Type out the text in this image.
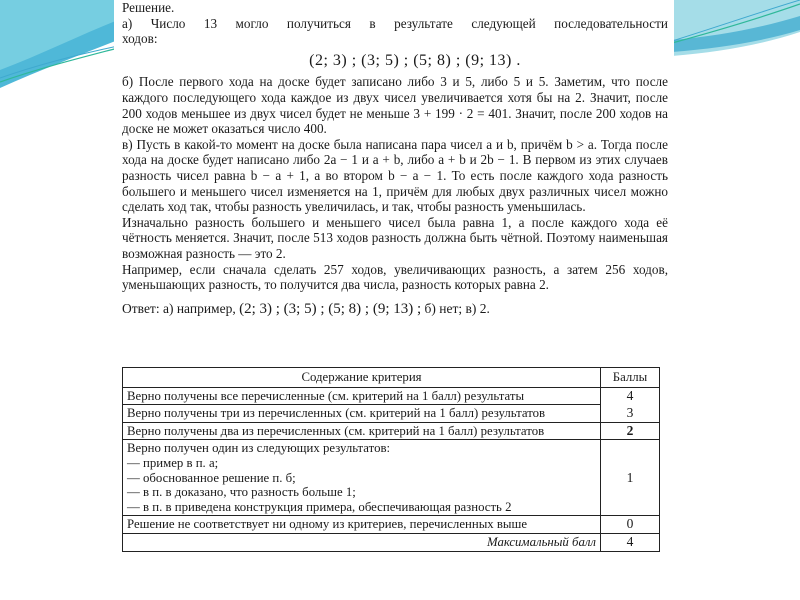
Решение.

а) Число 13 могло получиться в результате следующей последовательности

ходов:

(2; 3) ; (3; 5) ; (5; 8) ; (9; 13) .

б) После первого хода на доске будет записано либо 3 и 5, либо 5 и 5. Заметим, что после каждого последующего хода каждое из двух чисел увеличивается хотя бы на 2. Значит, после 200 ходов меньшее из двух чисел будет не меньше 3 + 199 · 2 = 401. Значит, после 200 ходов на доске не может оказаться число 400.

в) Пусть в какой-то момент на доске была написана пара чисел a и b, причём b > a. Тогда после хода на доске будет написано либо 2a − 1 и a + b, либо a + b и 2b − 1. В первом из этих случаев разность чисел равна b − a + 1, а во втором b − a − 1. То есть после каждого хода разность большего и меньшего чисел изменяется на 1, причём для любых двух различных чисел можно сделать ход так, чтобы разность увеличилась, и так, чтобы разность уменьшилась.

Изначально разность большего и меньшего чисел была равна 1, а после каждого хода её чётность меняется. Значит, после 513 ходов разность должна быть чётной. Поэтому наименьшая возможная разность — это 2.

Например, если сначала сделать 257 ходов, увеличивающих разность, а затем 256 ходов, уменьшающих разность, то получится два числа, разность которых равна 2.

Ответ: а) например, (2; 3) ; (3; 5) ; (5; 8) ; (9; 13) ; б) нет; в) 2.

Содержание критерия	Баллы
Верно получены все перечисленные (см. критерий на 1 балл) результаты	4
Верно получены три из перечисленных (см. критерий на 1 балл) результатов	3
Верно получены два из перечисленных (см. критерий на 1 балл) результатов	2

Верно получен один из следующих результатов:
— пример в п. а;
— обоснованное решение п. б;
— в п. в доказано, что разность больше 1;
— в п. в приведена конструкция примера, обеспечивающая разность 2	1
Решение не соответствует ни одному из критериев, перечисленных выше	0
Максимальный балл	4
